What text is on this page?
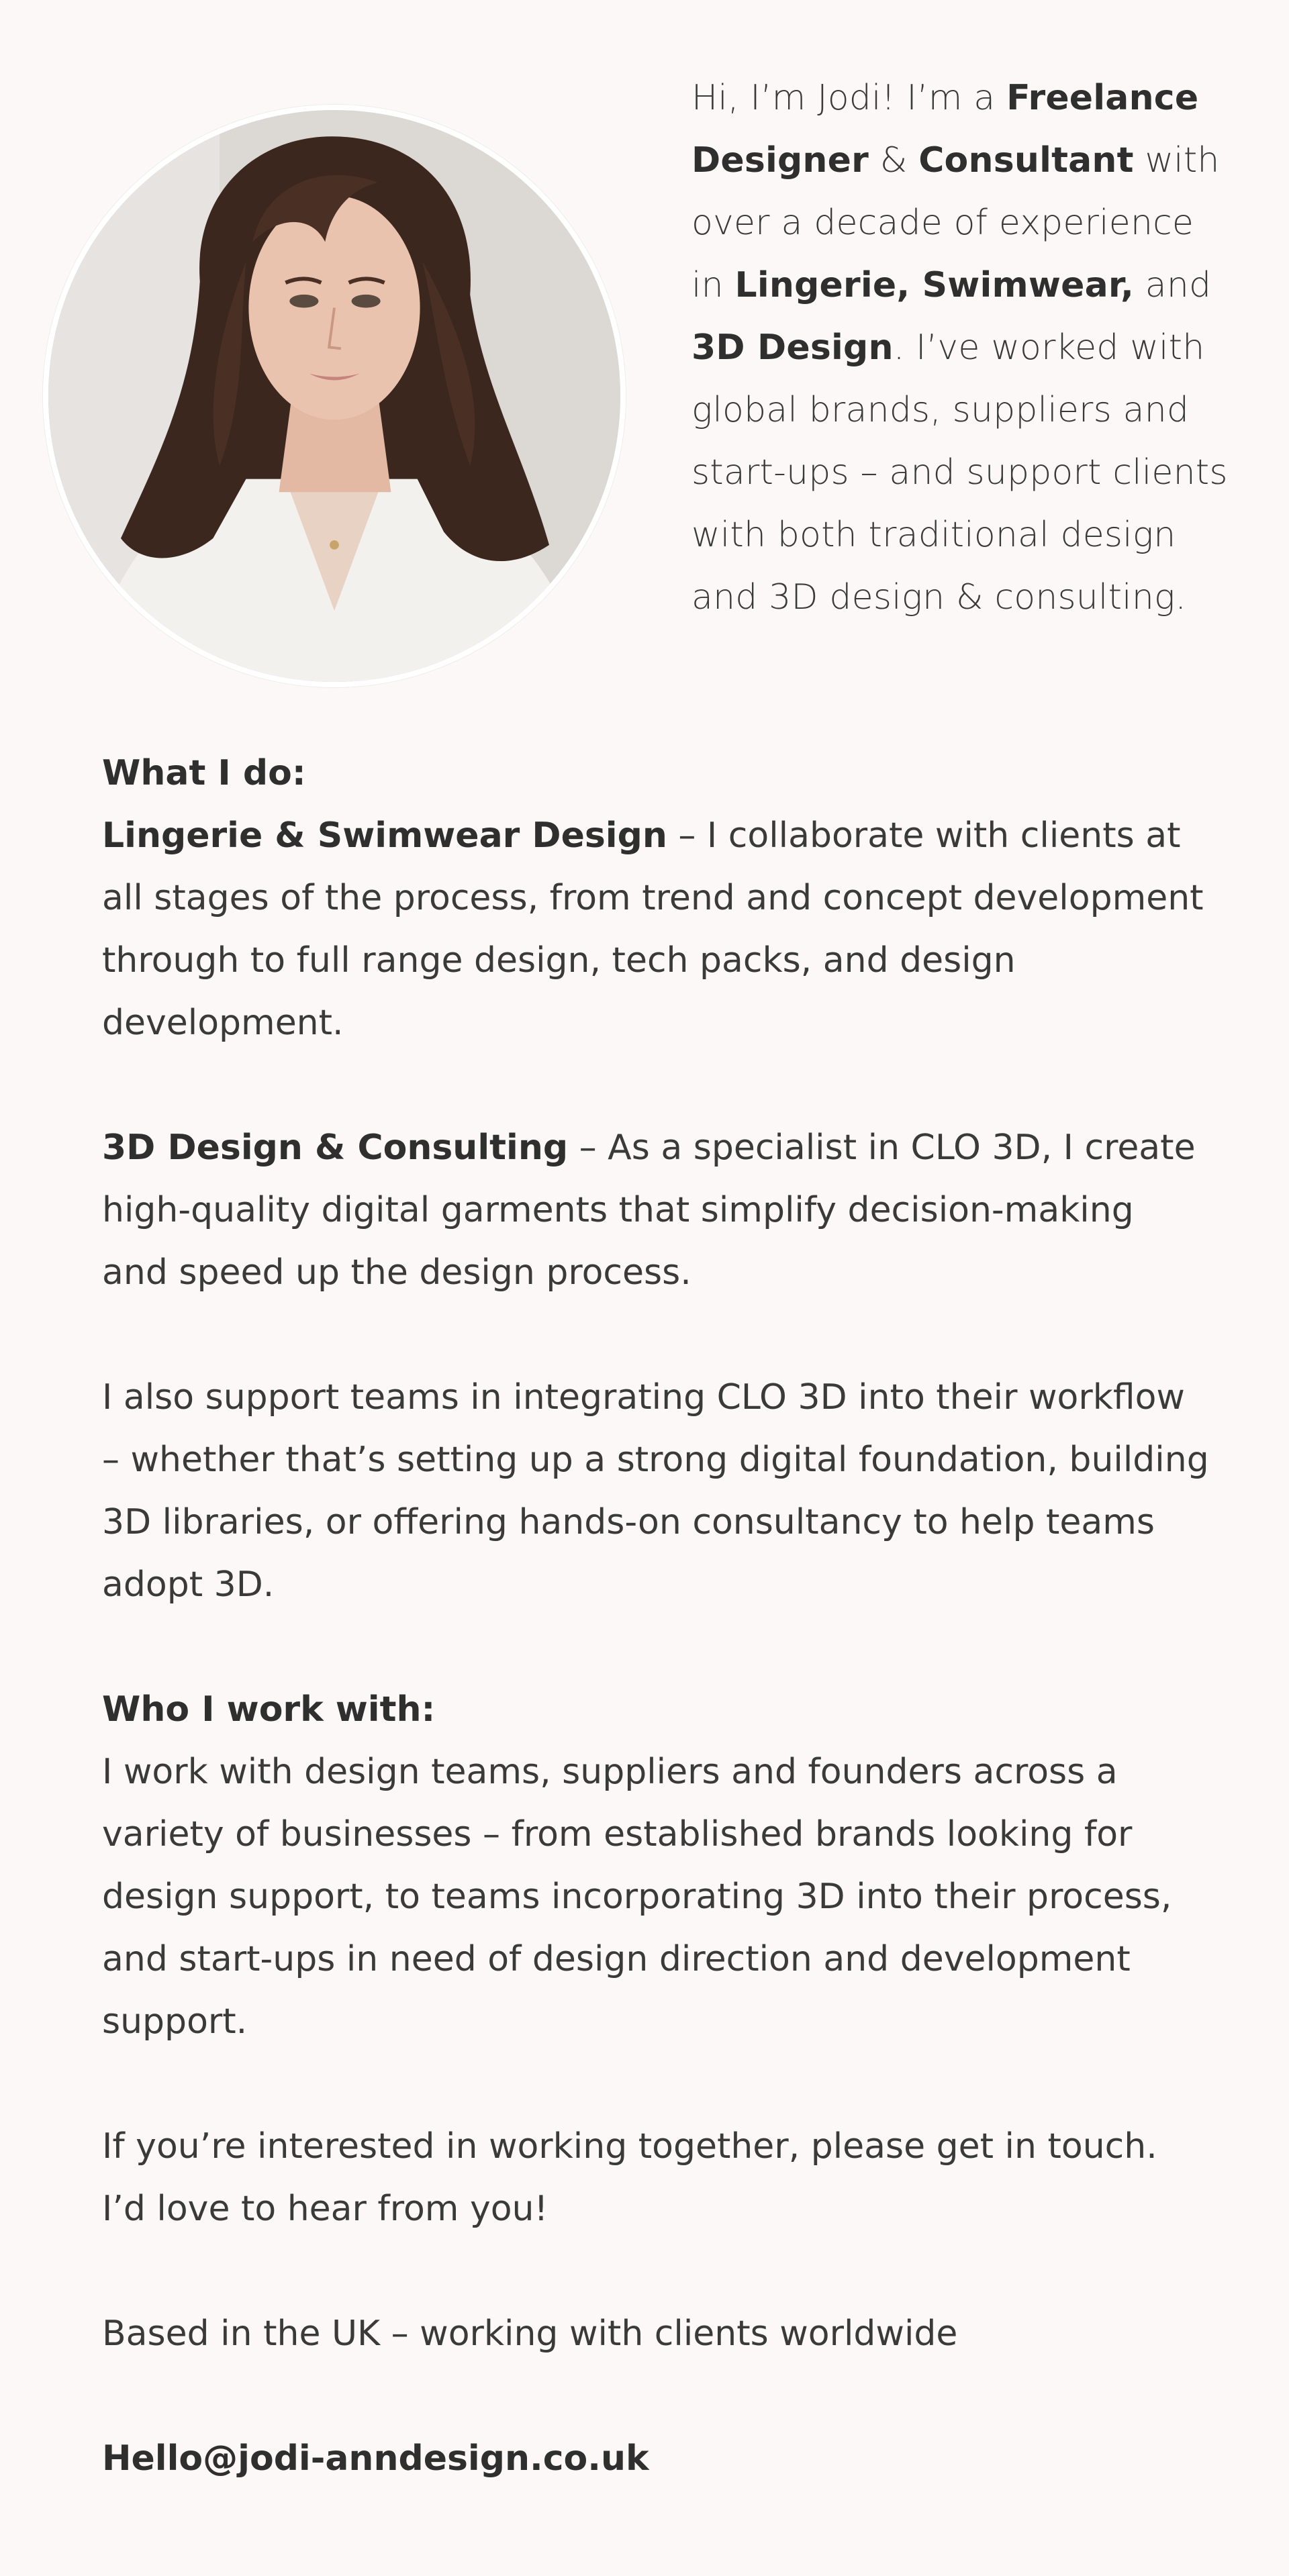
Hi, I’m Jodi! I’m a Freelance Designer & Consultant with over a decade of experience in Lingerie, Swimwear, and 3D Design. I’ve worked with global brands, suppliers and start-ups – and support clients with both traditional design and 3D design & consulting.

What I do:

Lingerie & Swimwear Design – I collaborate with clients at all stages of the process, from trend and concept development through to full range design, tech packs, and design development.

3D Design & Consulting – As a specialist in CLO 3D, I create high-quality digital garments that simplify decision-making and speed up the design process.

I also support teams in integrating CLO 3D into their workflow – whether that’s setting up a strong digital foundation, building 3D libraries, or offering hands-on consultancy to help teams adopt 3D.

Who I work with:

I work with design teams, suppliers and founders across a variety of businesses – from established brands looking for design support, to teams incorporating 3D into their process, and start-ups in need of design direction and development support.

If you’re interested in working together, please get in touch. I’d love to hear from you!

Based in the UK – working with clients worldwide

Hello@jodi-anndesign.co.uk
